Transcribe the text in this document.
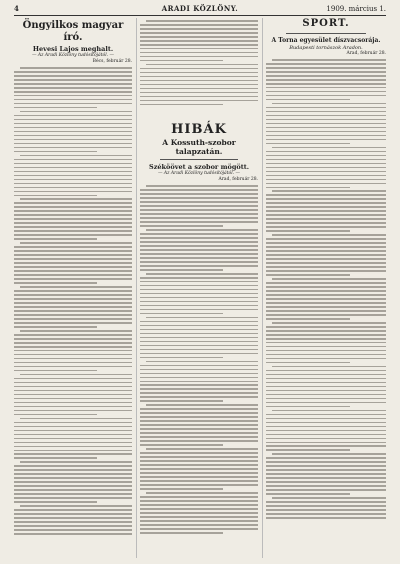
4	ARADI KÖZLÖNY.	1909. március 1.
Öngyilkos magyar író.
Hevesi Lajos meghalt.
— Az Aradi Közlöny tudósítójától. —
Bécs, február 28.
HIBÁK
A Kossuth-szobor talapzatán.
Széköövet a szobor mögött.
— Az Aradi Közlöny tudósítójától. —
Arad, február 28.
SPORT.
A Torna egyesület díszvacsorája.
Budapesti tornászok Aradon.
Arad, február 28.
